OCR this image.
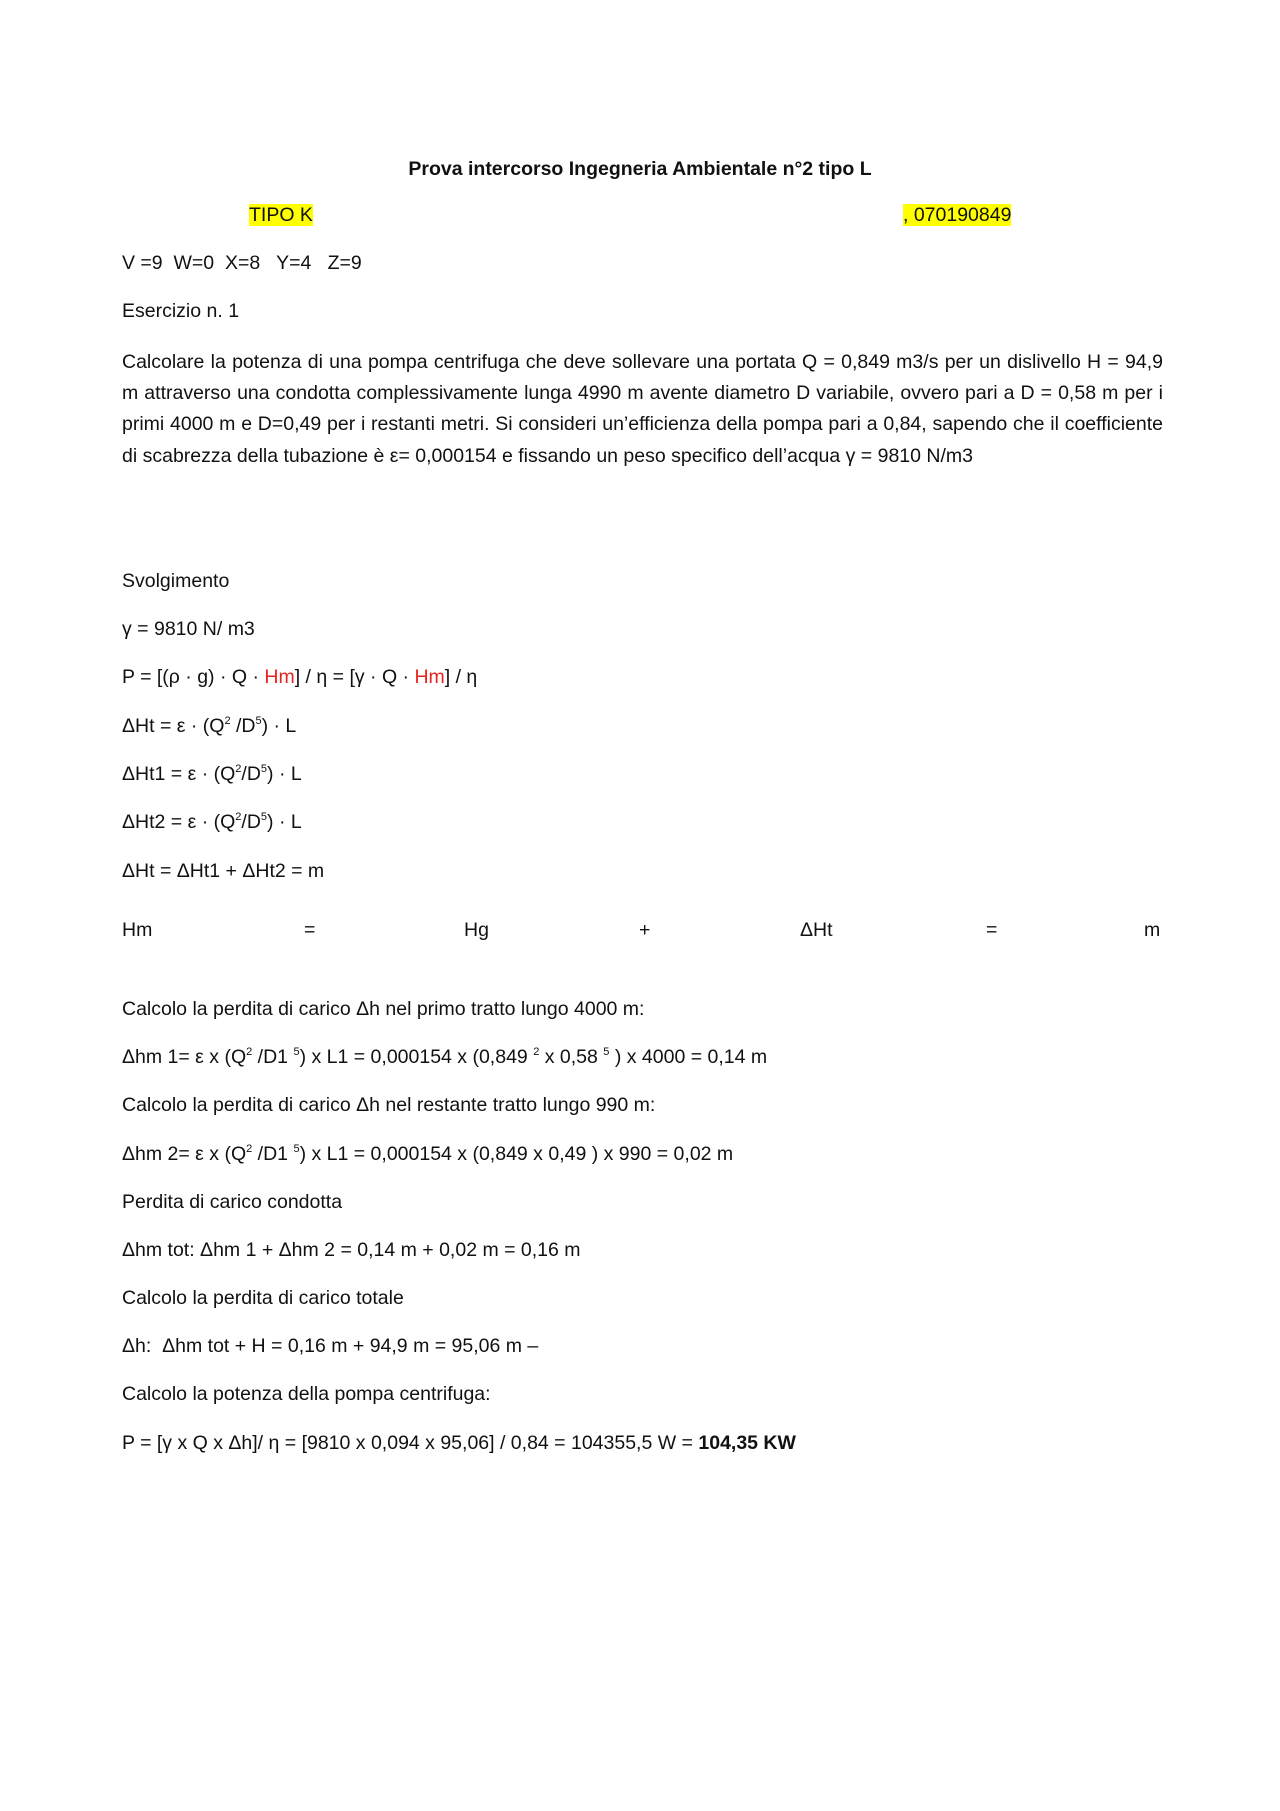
Prova intercorso Ingegneria Ambientale n°2 tipo L
TIPO K	, 070190849
V =9  W=0  X=8   Y=4   Z=9
Esercizio n. 1
Calcolare la potenza di una pompa centrifuga che deve sollevare una portata Q = 0,849 m3/s per un dislivello H = 94,9 m attraverso una condotta complessivamente lunga 4990 m avente diametro D variabile, ovvero pari a D = 0,58 m per i primi 4000 m e D=0,49 per i restanti metri. Si consideri un’efficienza della pompa pari a 0,84, sapendo che il coefficiente di scabrezza della tubazione è ε= 0,000154 e fissando un peso specifico dell’acqua γ = 9810 N/m3
Svolgimento
γ = 9810 N/ m3
P = [(ρ · g) · Q · Hm] / η = [γ · Q · Hm] / η
$\Delta Ht = \varepsilon \cdot (Q^2$ $/D^5) \cdot L$
$\Delta Ht1 = \varepsilon \cdot (Q^2/D^5) \cdot L$
$\Delta Ht2 = \varepsilon \cdot (Q^2/D^5) \cdot L$
ΔHt = ΔHt1 + ΔHt2 = m
Hm	=	Hg	+	ΔHt	=	m
Calcolo la perdita di carico Δh nel primo tratto lungo 4000 m:
Δhm 1= ε x ($Q^2$ /D1 $^5$) x L1 = 0,000154 x (0,849 $^2$ x 0,58 $^5$ ) x 4000 = 0,14 m
Calcolo la perdita di carico Δh nel restante tratto lungo 990 m:
Δhm 2= ε x ($Q^2$ /D1 $^5$) x L1 = 0,000154 x (0,849 x 0,49 ) x 990 = 0,02 m
Perdita di carico condotta
Δhm tot: Δhm 1 + Δhm 2 = 0,14 m + 0,02 m = 0,16 m
Calcolo la perdita di carico totale
Δh:  Δhm tot + H = 0,16 m + 94,9 m = 95,06 m –
Calcolo la potenza della pompa centrifuga:
P = [γ x Q x Δh]/ η = [9810 x 0,094 x 95,06] / 0,84 = 104355,5 W = 104,35 KW
